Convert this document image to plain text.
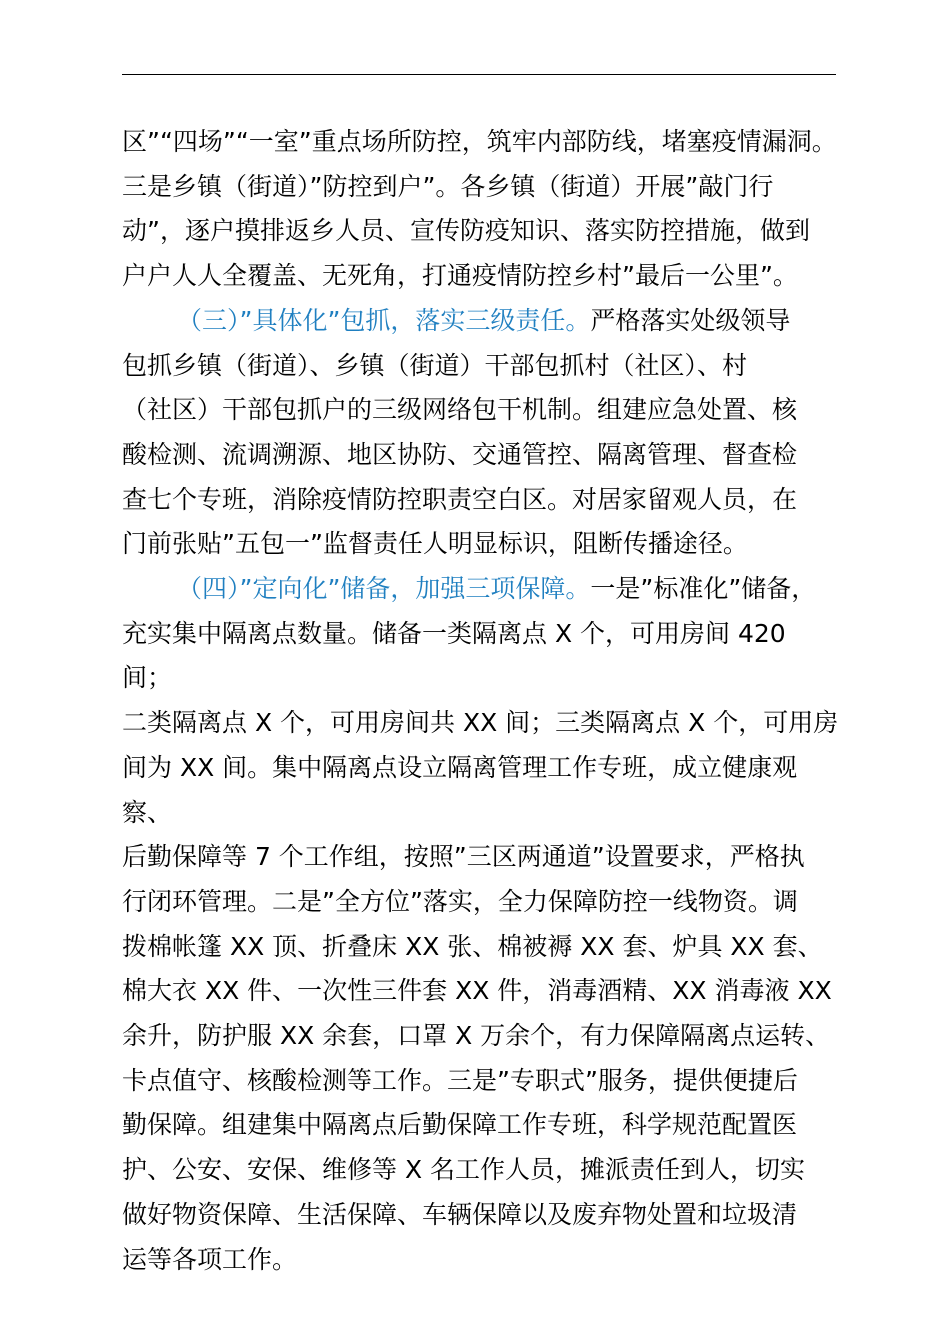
区”“四场”“一室”重点场所防控，筑牢内部防线，堵塞疫情漏洞。

三是乡镇（街道）”防控到户”。各乡镇（街道）开展”敲门行

动”，逐户摸排返乡人员、宣传防疫知识、落实防控措施，做到

户户人人全覆盖、无死角，打通疫情防控乡村”最后一公里”。

（三）”具体化”包抓，落实三级责任。严格落实处级领导

包抓乡镇（街道）、乡镇（街道）干部包抓村（社区）、村

（社区）干部包抓户的三级网络包干机制。组建应急处置、核

酸检测、流调溯源、地区协防、交通管控、隔离管理、督查检

查七个专班，消除疫情防控职责空白区。对居家留观人员，在

门前张贴”五包一”监督责任人明显标识，阻断传播途径。

（四）”定向化”储备，加强三项保障。一是”标准化”储备，

充实集中隔离点数量。储备一类隔离点 X 个，可用房间 420 间；

二类隔离点 X 个，可用房间共 XX 间；三类隔离点 X 个，可用房

间为 XX 间。集中隔离点设立隔离管理工作专班，成立健康观察、

后勤保障等 7 个工作组，按照”三区两通道”设置要求，严格执

行闭环管理。二是”全方位”落实，全力保障防控一线物资。调

拨棉帐篷 XX 顶、折叠床 XX 张、棉被褥 XX 套、炉具 XX 套、

棉大衣 XX 件、一次性三件套 XX 件，消毒酒精、XX 消毒液 XX

余升，防护服 XX 余套，口罩 X 万余个，有力保障隔离点运转、

卡点值守、核酸检测等工作。三是”专职式”服务，提供便捷后

勤保障。组建集中隔离点后勤保障工作专班，科学规范配置医

护、公安、安保、维修等 X 名工作人员，摊派责任到人，切实

做好物资保障、生活保障、车辆保障以及废弃物处置和垃圾清

运等各项工作。
